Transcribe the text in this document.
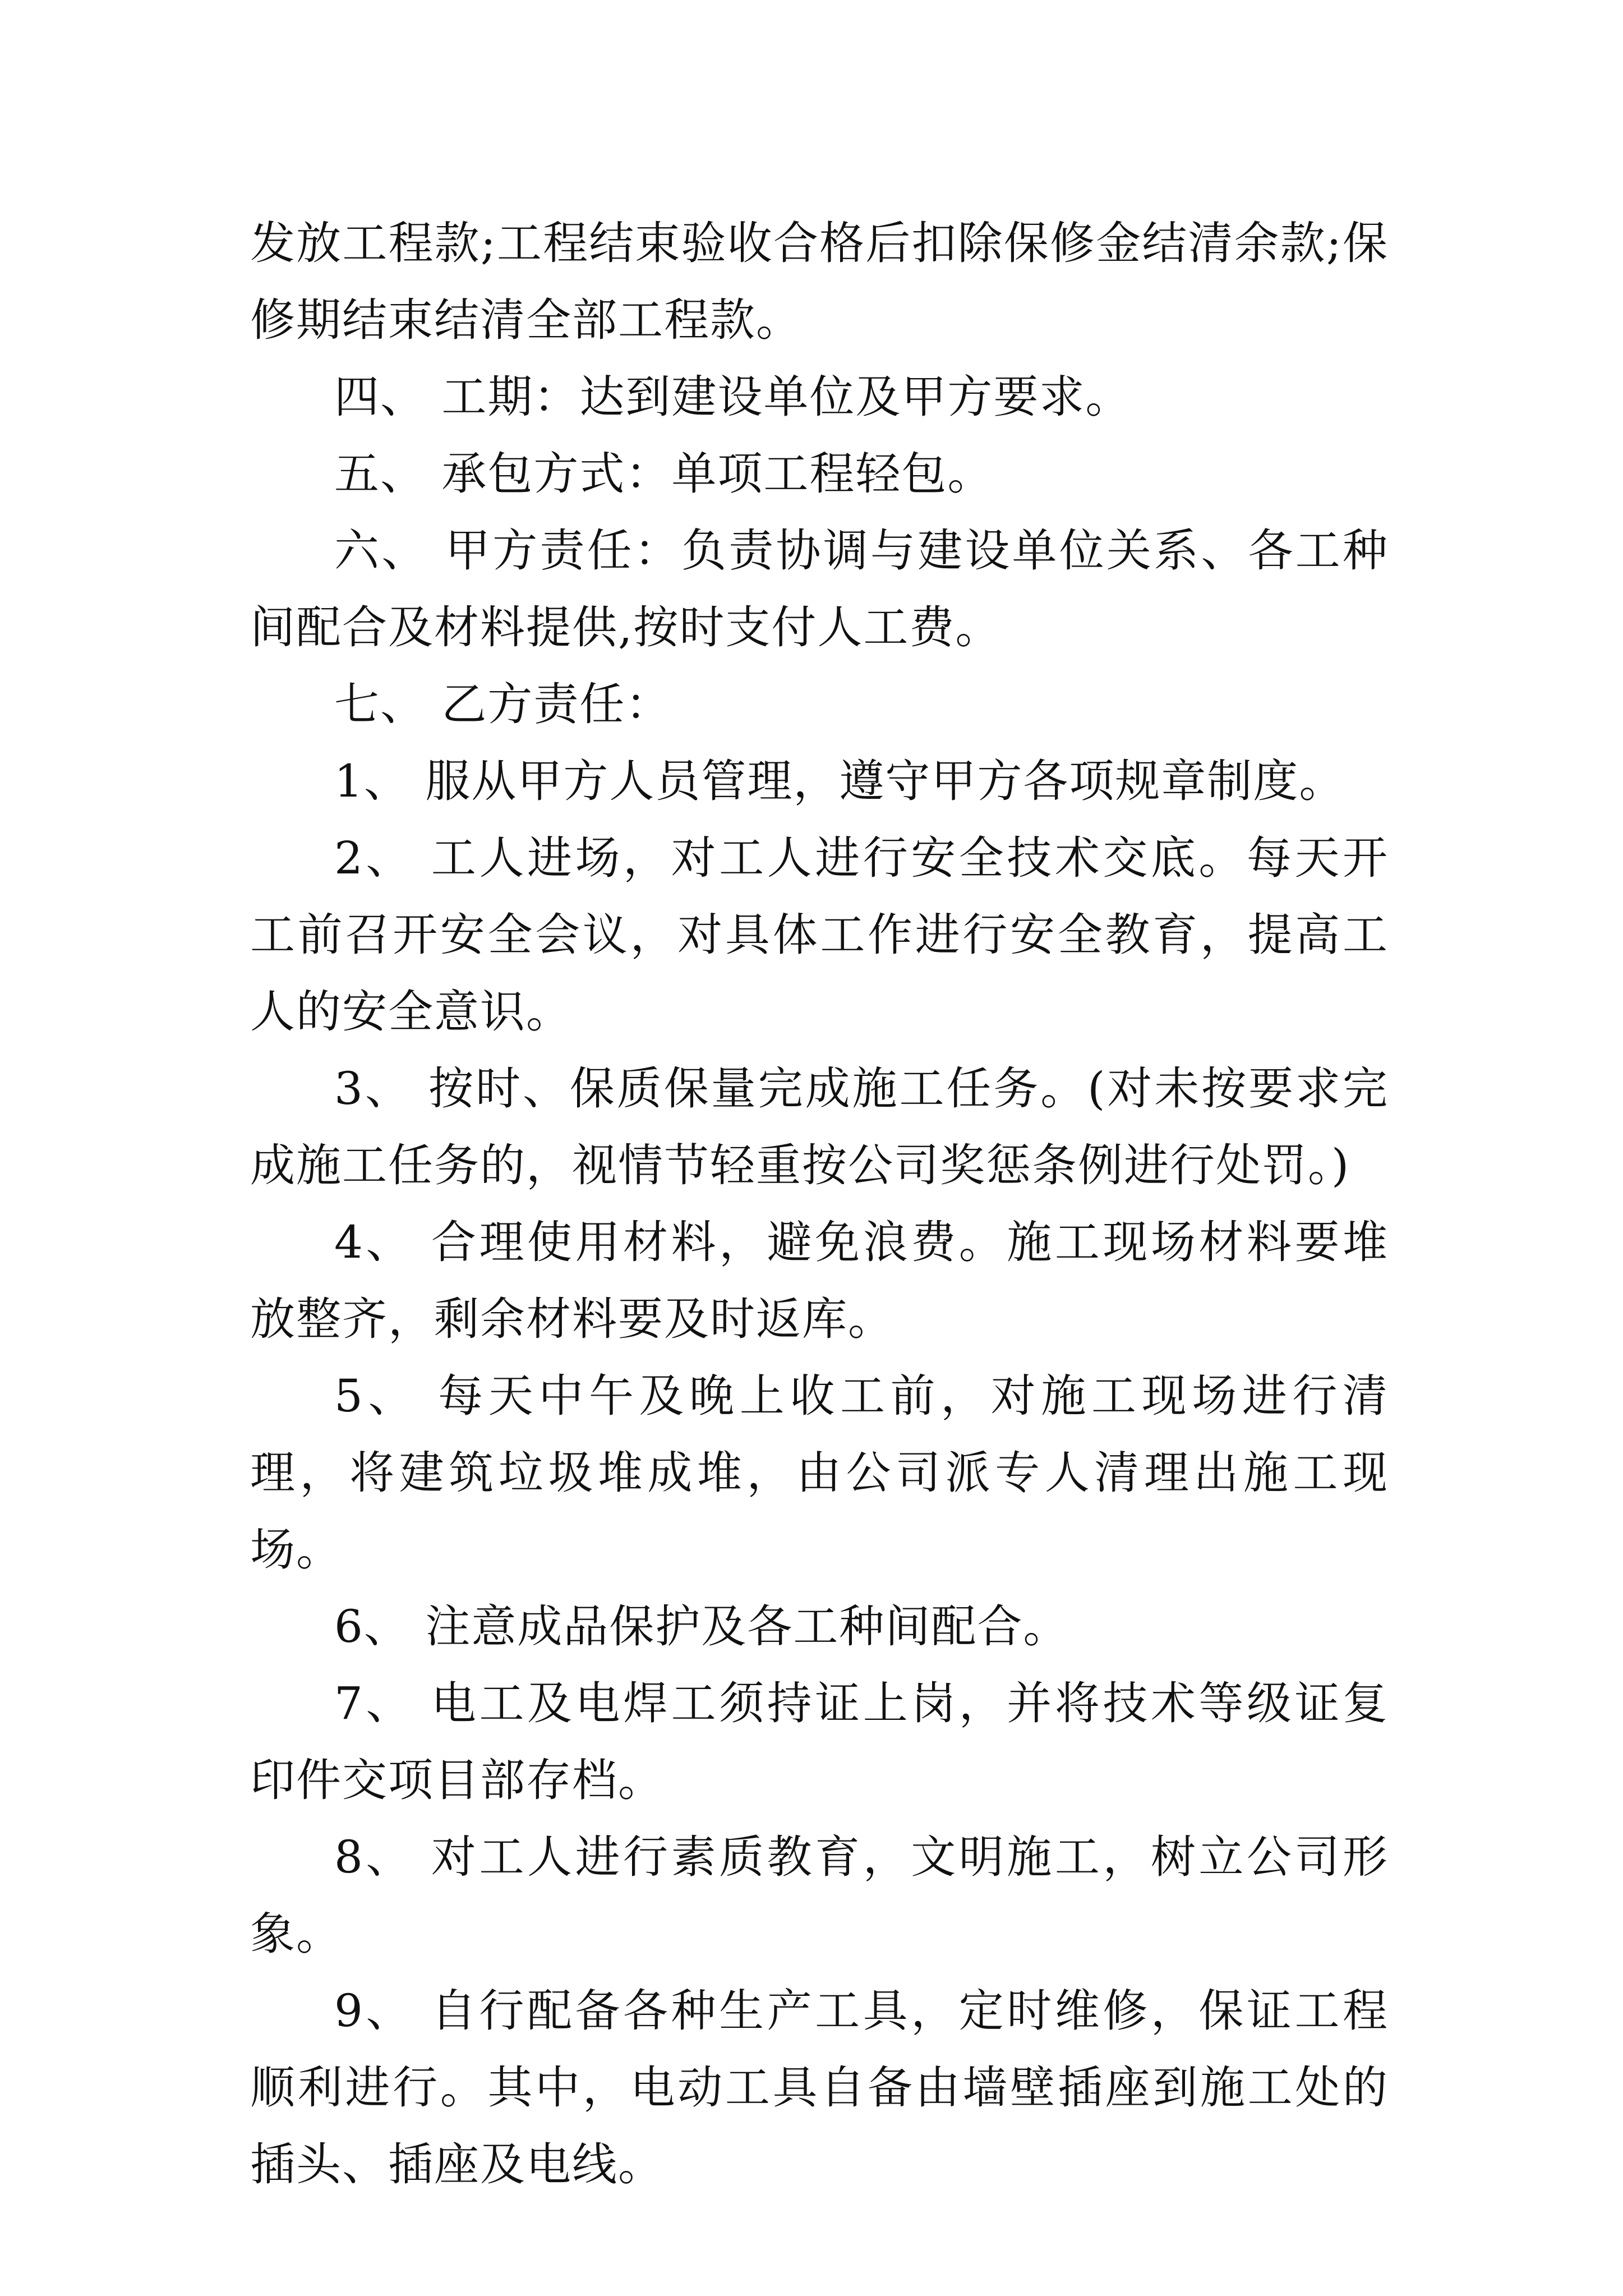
发放工程款;工程结束验收合格后扣除保修金结清余款;保修期结束结清全部工程款。

四、 工期：达到建设单位及甲方要求。

五、 承包方式：单项工程轻包。

六、 甲方责任：负责协调与建设单位关系、各工种间配合及材料提供,按时支付人工费。

七、 乙方责任：

1、 服从甲方人员管理，遵守甲方各项规章制度。

2、 工人进场，对工人进行安全技术交底。每天开工前召开安全会议，对具体工作进行安全教育，提高工人的安全意识。

3、 按时、保质保量完成施工任务。(对未按要求完成施工任务的，视情节轻重按公司奖惩条例进行处罚。)

4、 合理使用材料，避免浪费。施工现场材料要堆放整齐，剩余材料要及时返库。

5、 每天中午及晚上收工前，对施工现场进行清理，将建筑垃圾堆成堆，由公司派专人清理出施工现场。

6、 注意成品保护及各工种间配合。

7、 电工及电焊工须持证上岗，并将技术等级证复印件交项目部存档。

8、 对工人进行素质教育，文明施工，树立公司形象。

9、 自行配备各种生产工具，定时维修，保证工程顺利进行。其中，电动工具自备由墙壁插座到施工处的插头、插座及电线。
